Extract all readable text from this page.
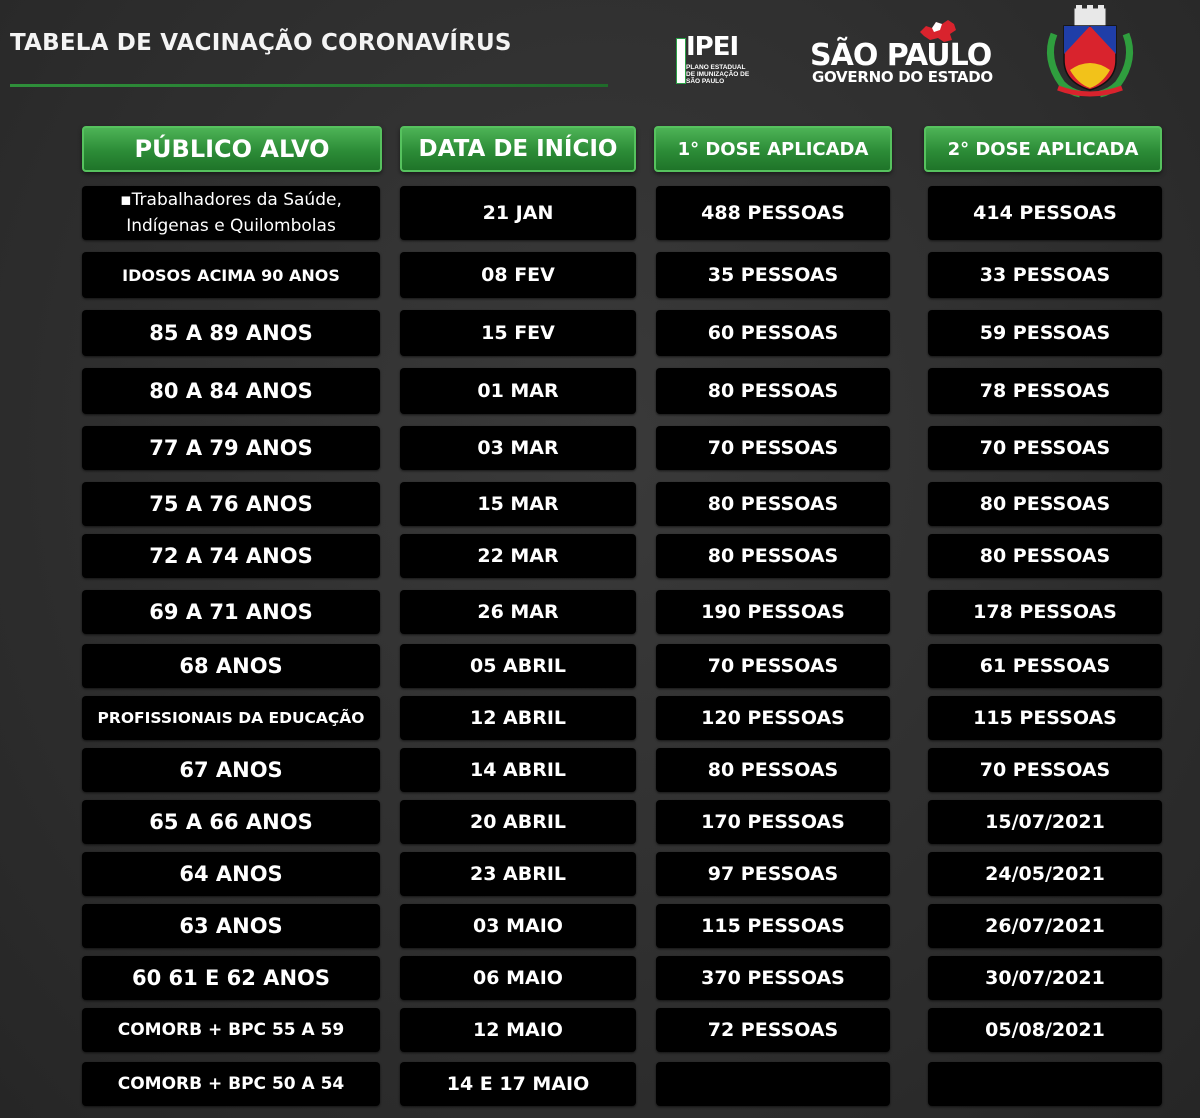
TABELA DE VACINAÇÃO CORONAVÍRUS	IPEI
PLANO ESTADUAL DE IMUNIZAÇÃO DE SÃO PAULO
SÃO PAULO
GOVERNO DO ESTADO
PÚBLICO ALVO	DATA DE INÍCIO	1° DOSE APLICADA	2° DOSE APLICADA
▪Trabalhadores da Saúde,
Indígenas e Quilombolas
21 JAN	488 PESSOAS	414 PESSOAS
IDOSOS ACIMA 90 ANOS	08 FEV	35 PESSOAS	33 PESSOAS
85 A 89 ANOS	15 FEV	60 PESSOAS	59 PESSOAS
80 A 84 ANOS	01 MAR	80 PESSOAS	78 PESSOAS
77 A 79 ANOS	03 MAR	70 PESSOAS	70 PESSOAS
75 A 76 ANOS	15 MAR	80 PESSOAS	80 PESSOAS
72 A 74 ANOS	22 MAR	80 PESSOAS	80 PESSOAS
69 A 71 ANOS	26 MAR	190 PESSOAS	178 PESSOAS
68 ANOS	05 ABRIL	70 PESSOAS	61 PESSOAS
PROFISSIONAIS DA EDUCAÇÃO	12 ABRIL	120 PESSOAS	115 PESSOAS
67 ANOS	14 ABRIL	80 PESSOAS	70 PESSOAS
65 A 66 ANOS	20 ABRIL	170 PESSOAS	15/07/2021
64 ANOS	23 ABRIL	97 PESSOAS	24/05/2021
63 ANOS	03 MAIO	115 PESSOAS	26/07/2021
60 61 E 62 ANOS	06 MAIO	370 PESSOAS	30/07/2021
COMORB + BPC 55 A 59	12 MAIO	72 PESSOAS	05/08/2021
COMORB + BPC 50 A 54	14 E 17 MAIO
